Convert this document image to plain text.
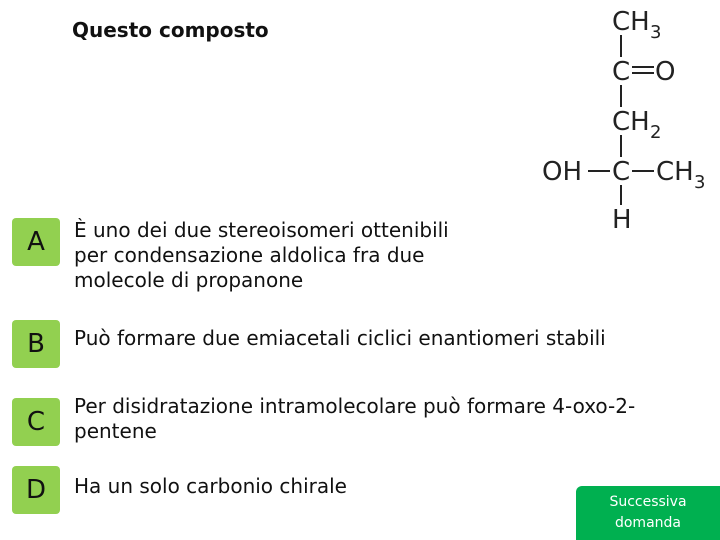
Questo composto	CH 3
C O
CH 2
OH C CH 3
H
A	È uno dei due stereoisomeri ottenibili
per condensazione aldolica fra due
molecole di propanone
B	Può formare due emiacetali ciclici enantiomeri stabili
C
Per disidratazione intramolecolare può formare 4-oxo-2-
pentene
D	Ha un solo carbonio chirale
Successiva
domanda
